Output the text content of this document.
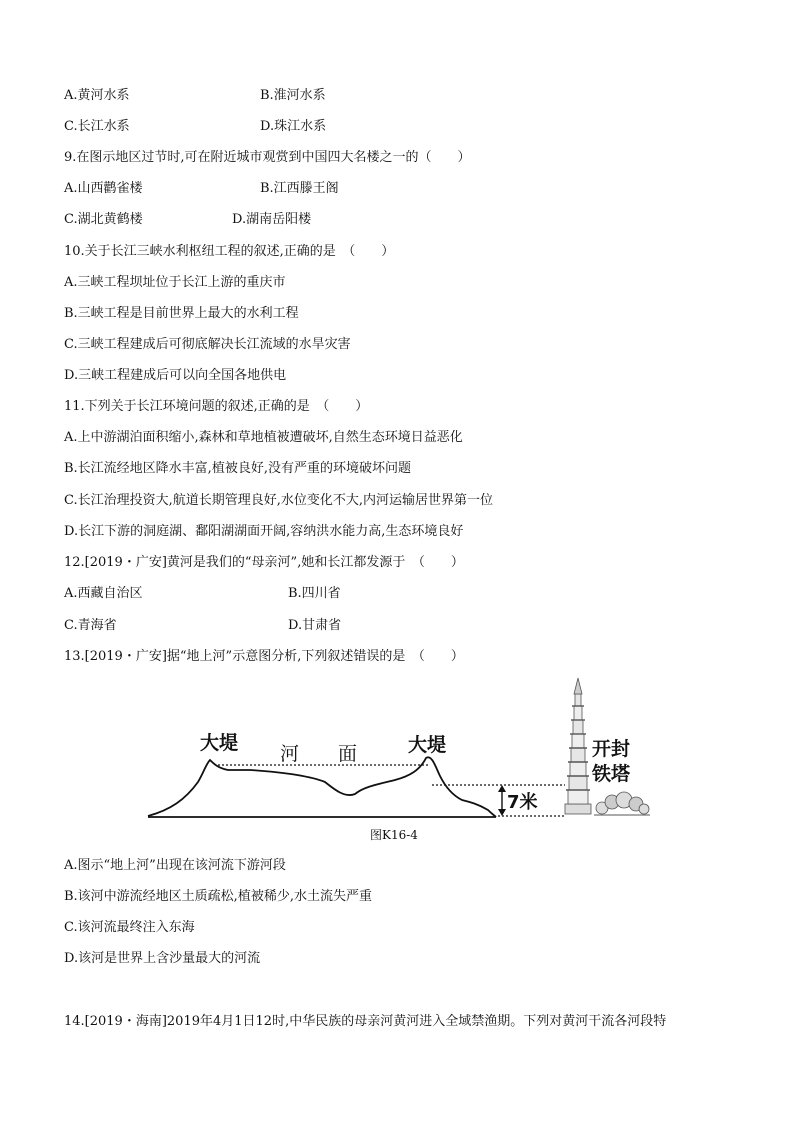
A.黄河水系	B.淮河水系
C.长江水系	D.珠江水系
9.在图示地区过节时,可在附近城市观赏到中国四大名楼之一的（　　）
A.山西鹳雀楼	B.江西滕王阁
C.湖北黄鹤楼	D.湖南岳阳楼
10.关于长江三峡水利枢纽工程的叙述,正确的是　（　　）
A.三峡工程坝址位于长江上游的重庆市
B.三峡工程是目前世界上最大的水利工程
C.三峡工程建成后可彻底解决长江流域的水旱灾害
D.三峡工程建成后可以向全国各地供电
11.下列关于长江环境问题的叙述,正确的是　（　　）
A.上中游湖泊面积缩小,森林和草地植被遭破坏,自然生态环境日益恶化
B.长江流经地区降水丰富,植被良好,没有严重的环境破坏问题
C.长江治理投资大,航道长期管理良好,水位变化不大,内河运输居世界第一位
D.长江下游的洞庭湖、鄱阳湖湖面开阔,容纳洪水能力高,生态环境良好
12.[2019・广安]黄河是我们的“母亲河”,她和长江都发源于　（　　）
A.西藏自治区	B.四川省
C.青海省	D.甘肃省
13.[2019・广安]据“地上河”示意图分析,下列叙述错误的是　（　　）
大堤 河 面	大堤	开封
铁塔
7米
图K16-4
A.图示“地上河”出现在该河流下游河段
B.该河中游流经地区土质疏松,植被稀少,水土流失严重
C.该河流最终注入东海
D.该河是世界上含沙量最大的河流
14.[2019・海南]2019年4月1日12时,中华民族的母亲河黄河进入全域禁渔期。下列对黄河干流各河段特
